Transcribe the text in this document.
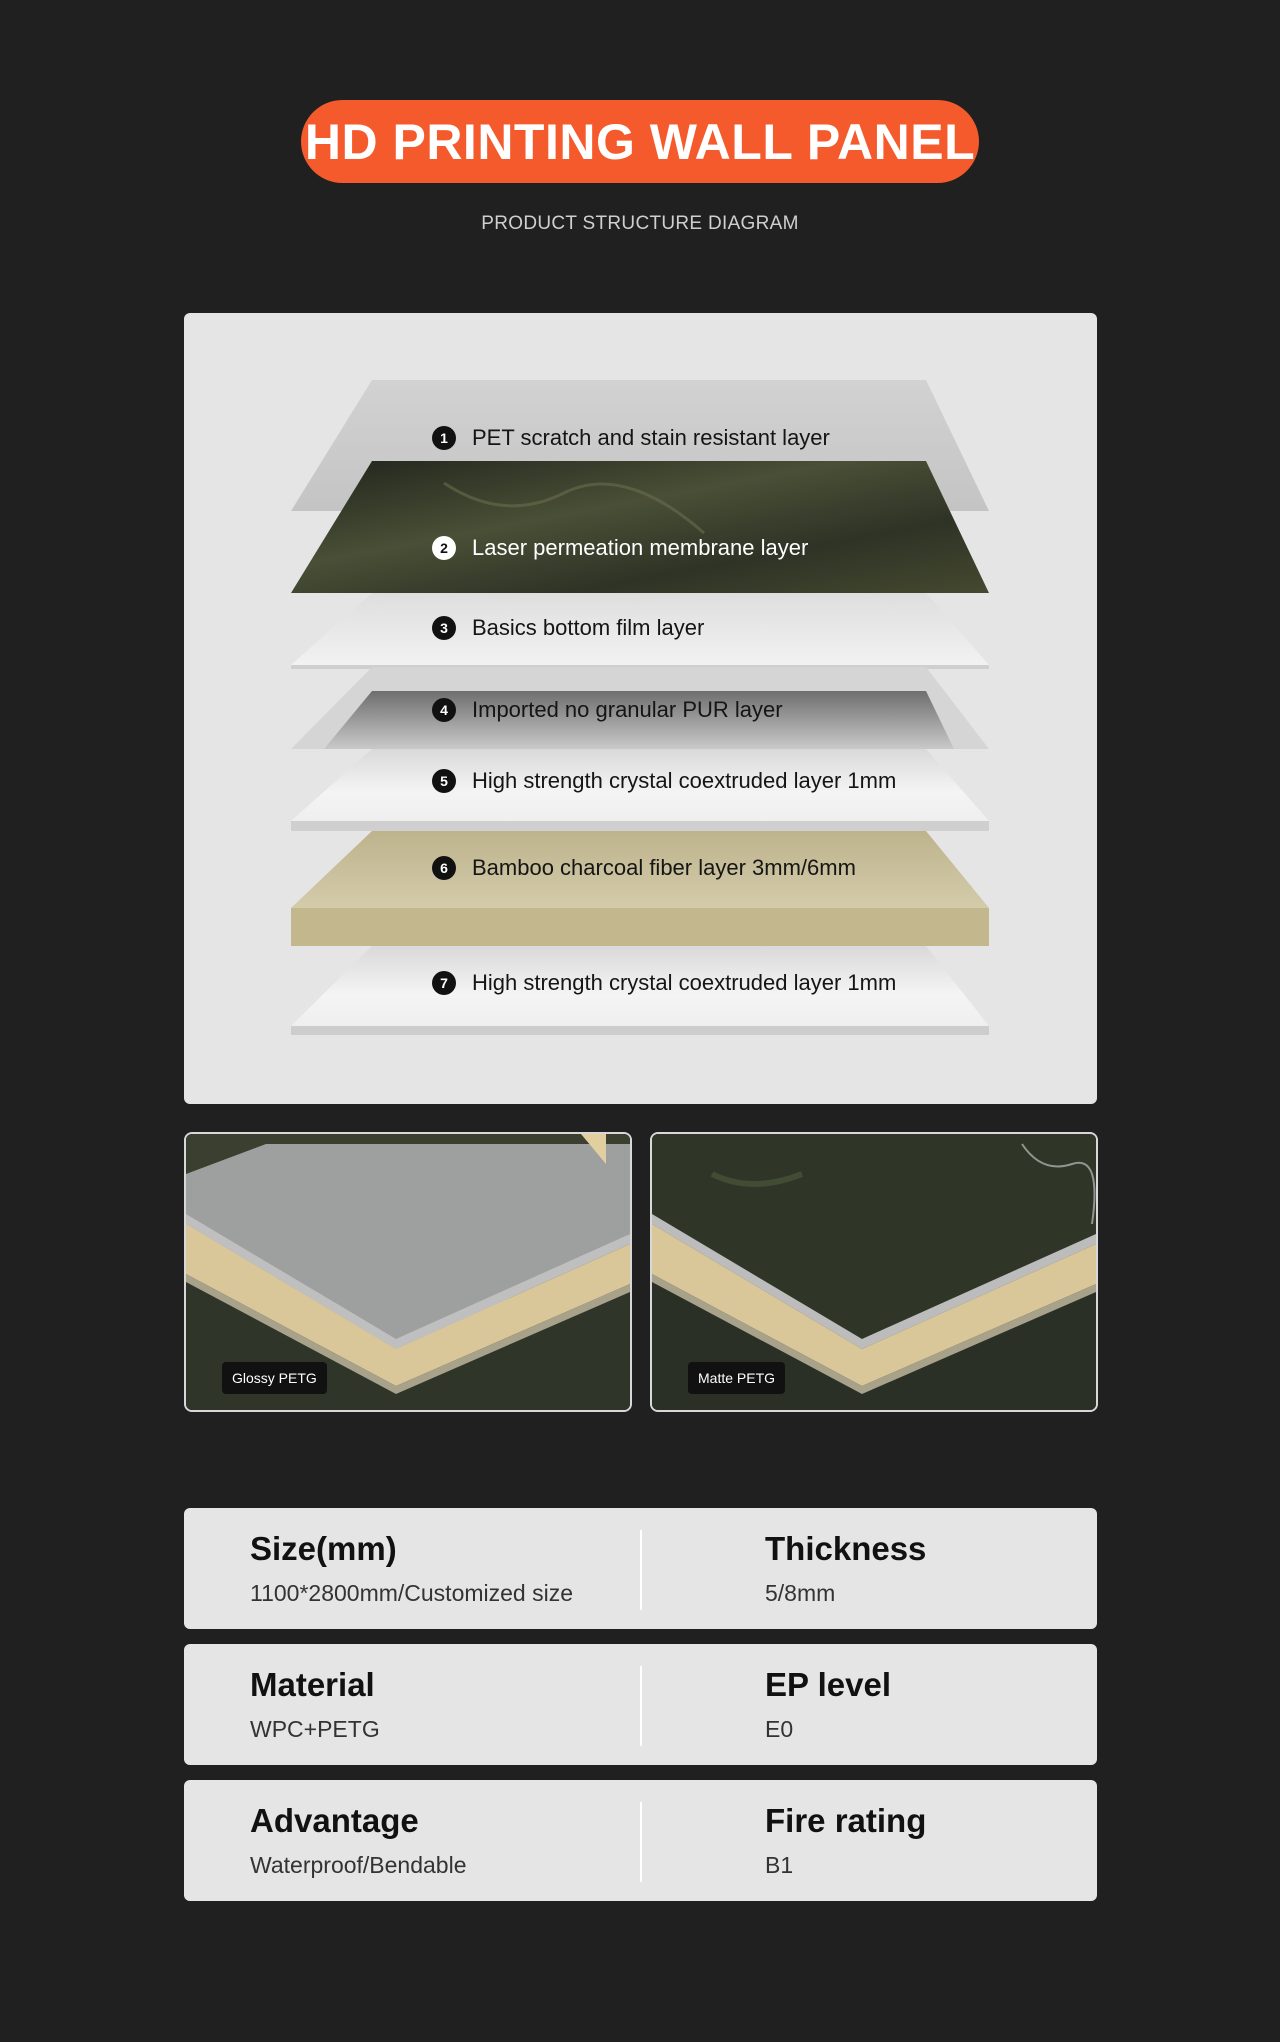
HD PRINTING WALL PANEL
PRODUCT STRUCTURE DIAGRAM
1	PET scratch and stain resistant layer
2	Laser permeation membrane layer
3	Basics bottom film layer
4	Imported no granular PUR layer
5	High strength crystal coextruded layer 1mm
6	Bamboo charcoal fiber layer 3mm/6mm
7	High strength crystal coextruded layer 1mm
Glossy PETG	Matte PETG
Size(mm)
1100*2800mm/Customized size
Thickness
5/8mm
Material
WPC+PETG
EP level
E0
Advantage
Waterproof/Bendable
Fire rating
B1
